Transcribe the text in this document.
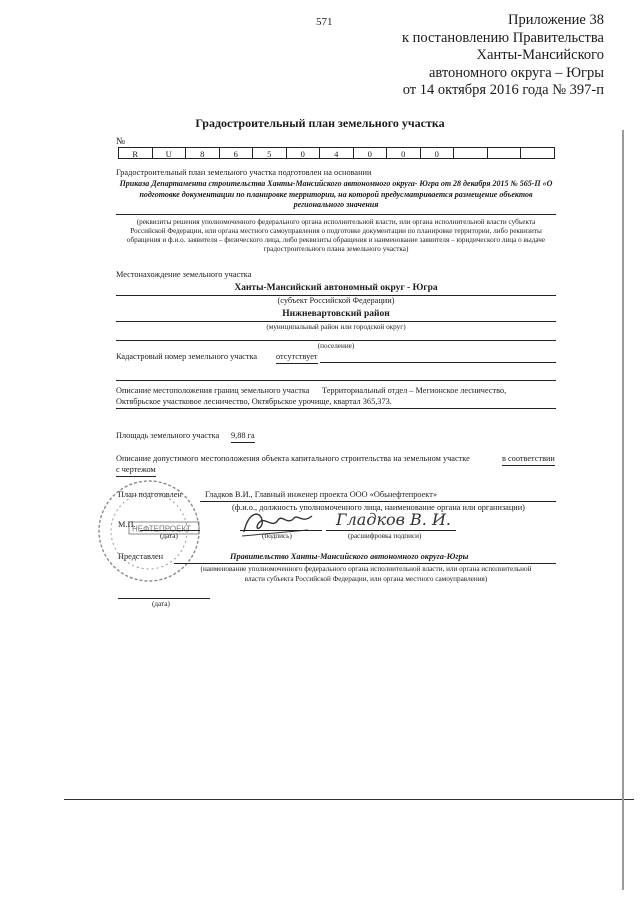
571	Приложение 38
к постановлению Правительства
Ханты-Мансийского
автономного округа – Югры
от 14 октября 2016 года № 397-п
Градостроительный план земельного участка
№
R	U	8	6	5	0	4	0	0	0
Градостроительный план земельного участка подготовлен на основании
Приказа Департамента строительства Ханты-Мансийского автономного округа- Югра от 28 декабря 2015 № 565-П «О подготовке документации по планировке территории, на которой предусматривается размещение объектов регионального значения
(реквизиты решения уполномоченного федерального органа исполнительной власти, или органа исполнительной власти субъекта Российской Федерации, или органа местного самоуправления о подготовке документации по планировке территории, либо реквизиты обращения и ф.и.о. заявителя – физического лица, либо реквизиты обращения и наименование заявителя – юридического лица о выдаче градостроительного плана земельного участка)
Местонахождение земельного участка
Ханты-Мансийский автономный округ - Югра
(субъект Российской Федерации)
Нижневартовский район
(муниципальный район или городской округ)
(поселение)
Кадастровый номер земельного участка отсутствует
Описание местоположения границ земельного участка Территориальный отдел – Мегионское лесничество,
Октябрьское участковое лесничество, Октябрьское урочище, квартал 365,373.
Площадь земельного участка 9,88 га
Описание допустимого местоположения объекта капитального строительства на земельном участке	в соответствии
с чертежом
НЕФТЕПРОЕКТ
План подготовлен	Гладков В.И., Главный инженер проекта ООО «Обьнефтепроект»
(ф.и.о., должность уполномоченного лица, наименование органа или организации)
М.П.
(дата)	(подпись)
Гладков В. И.
(расшифровка подписи)
Представлен	Правительство Ханты-Мансийского автономного округа-Югры
(наименование уполномоченного федерального органа исполнительной власти, или органа исполнительной
власти субъекта Российской Федерации, или органа местного самоуправления)
(дата)
